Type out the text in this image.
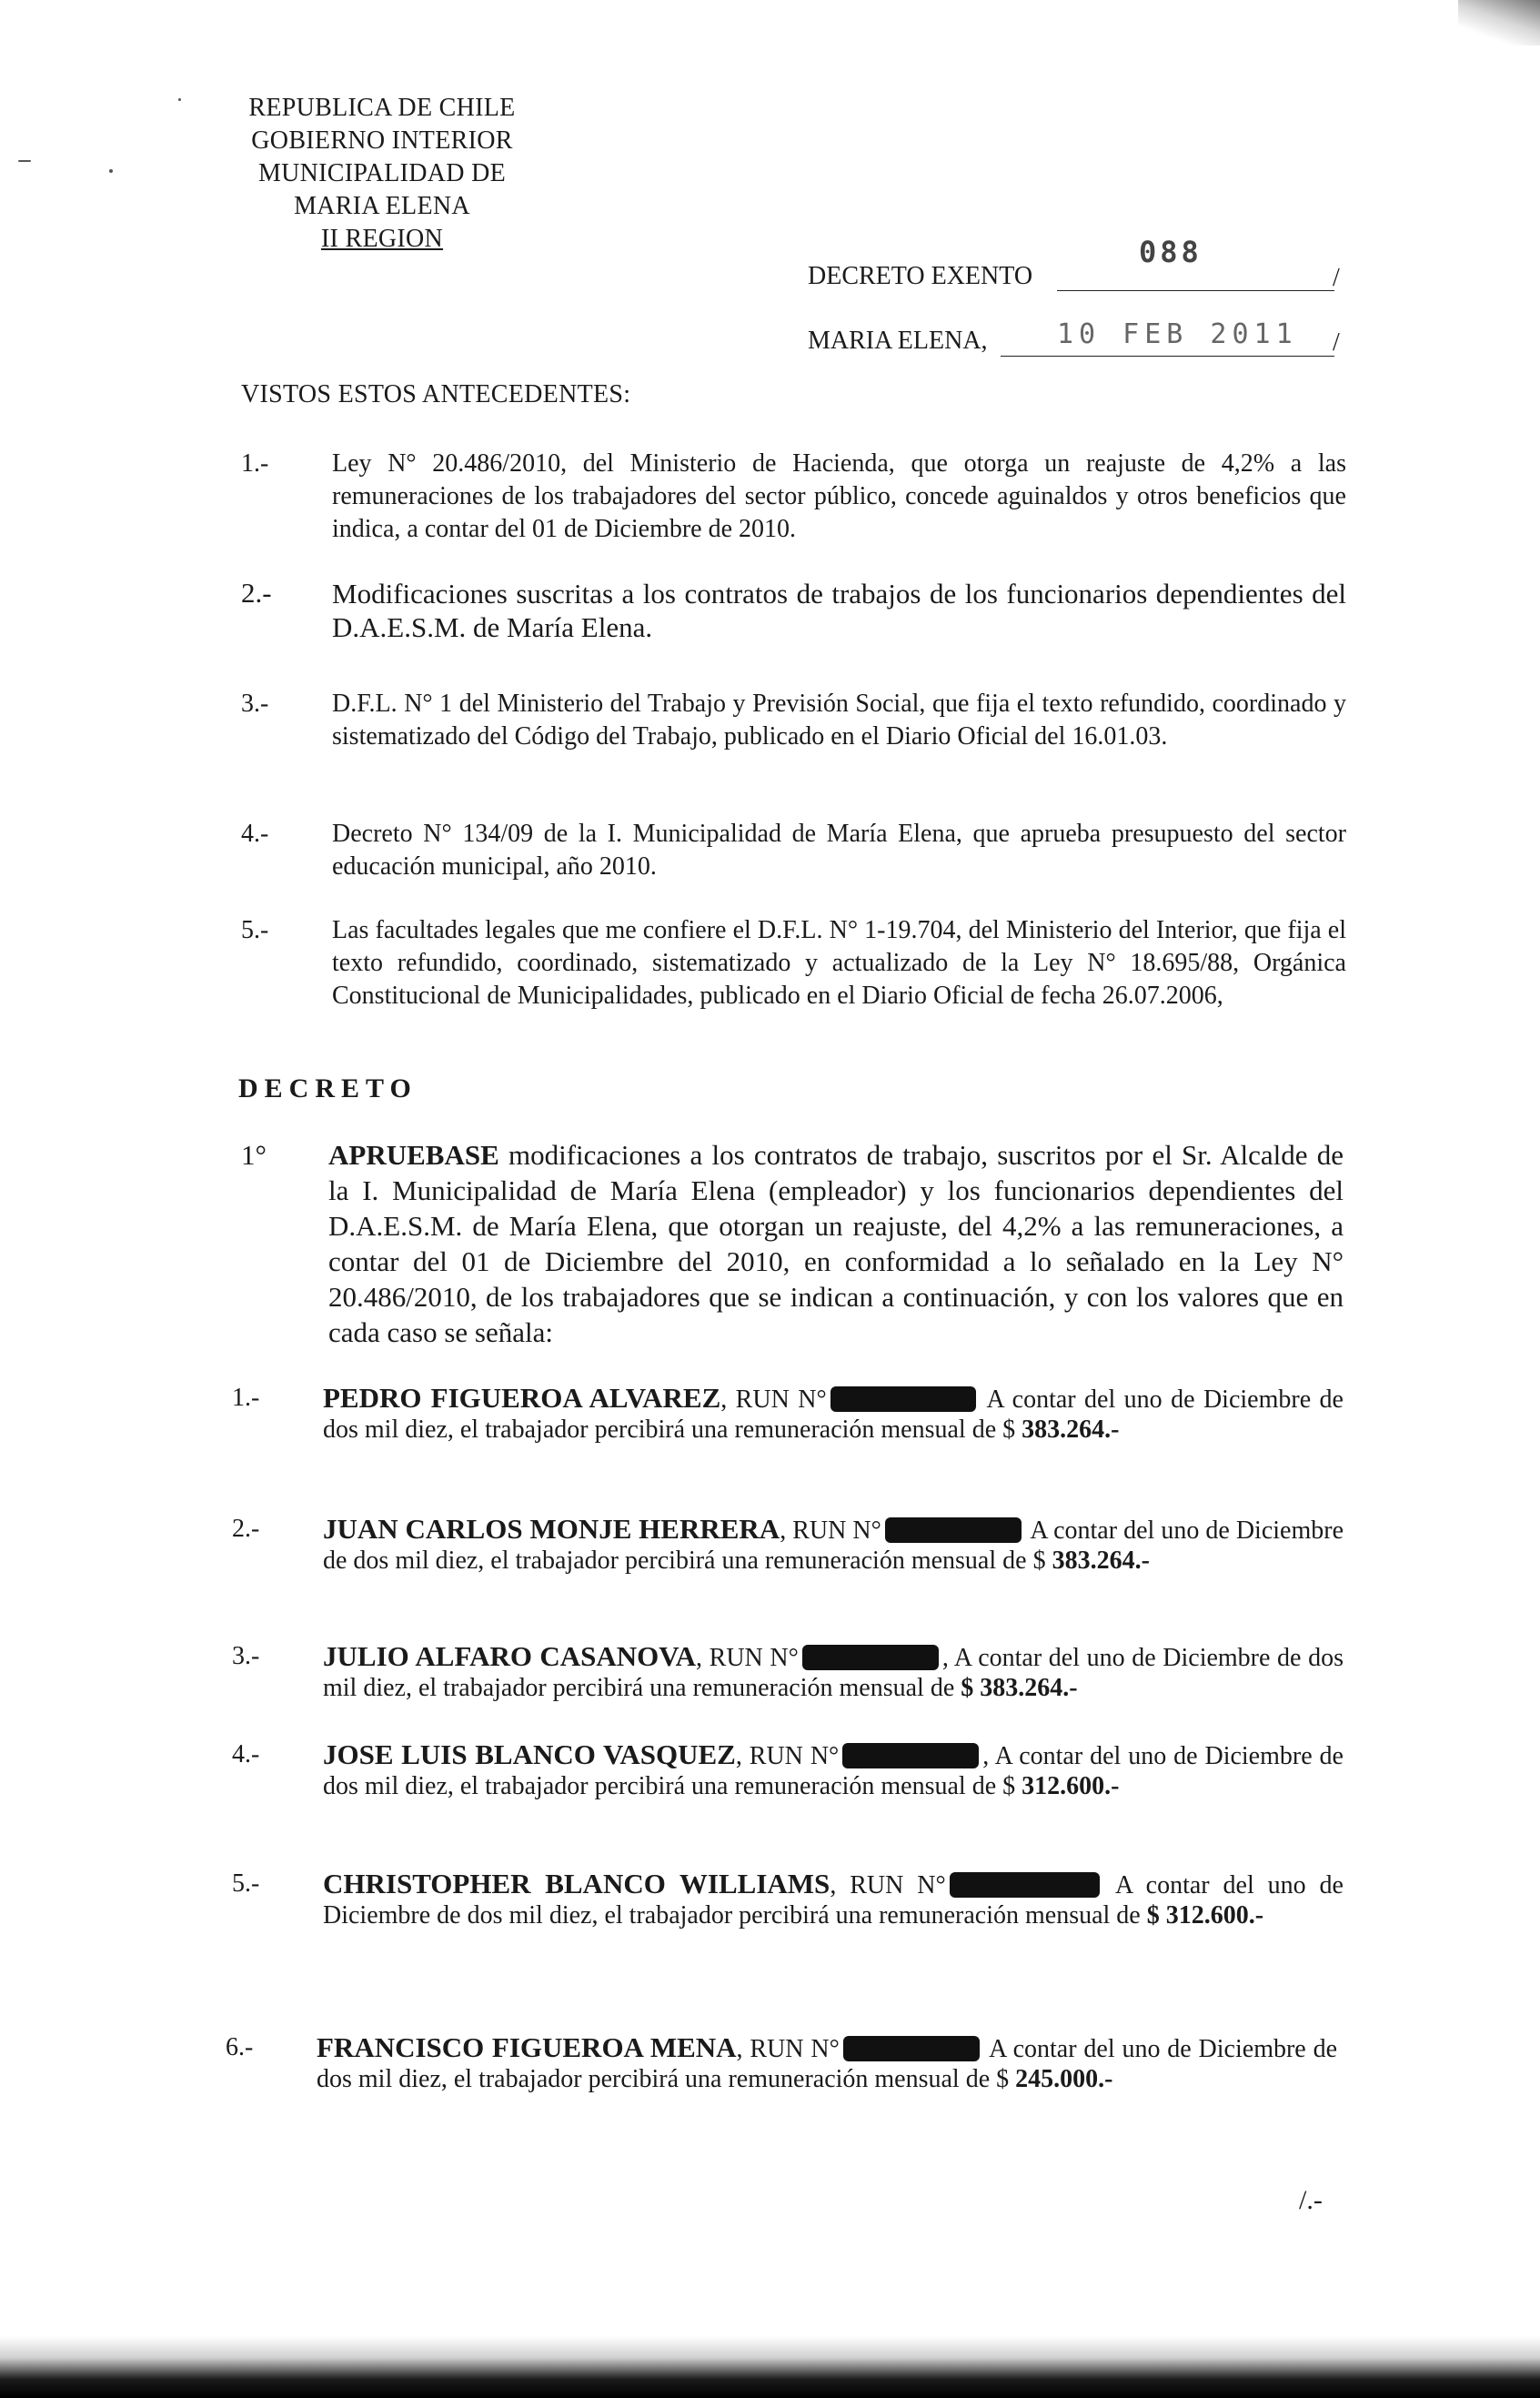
REPUBLICA DE CHILE
GOBIERNO INTERIOR
MUNICIPALIDAD DE
MARIA ELENA
II REGION
DECRETO EXENTO
088
/
MARIA ELENA,	10 FEB 2011 /
VISTOS ESTOS ANTECEDENTES:
1.- Ley N° 20.486/2010, del Ministerio de Hacienda, que otorga un reajuste de 4,2% a las remuneraciones de los trabajadores del sector público, concede aguinaldos y otros beneficios que indica, a contar del 01 de Diciembre de 2010.
2.- Modificaciones suscritas a los contratos de trabajos de los funcionarios dependientes del D.A.E.S.M. de María Elena.
3.- D.F.L. N° 1 del Ministerio del Trabajo y Previsión Social, que fija el texto refundido, coordinado y sistematizado del Código del Trabajo, publicado en el Diario Oficial del 16.01.03.
4.- Decreto N° 134/09 de la I. Municipalidad de María Elena, que aprueba presupuesto del sector educación municipal, año 2010.
5.- Las facultades legales que me confiere el D.F.L. N° 1-19.704, del Ministerio del Interior, que fija el texto refundido, coordinado, sistematizado y actualizado de la Ley N° 18.695/88, Orgánica Constitucional de Municipalidades, publicado en el Diario Oficial de fecha 26.07.2006,
DECRETO
1° APRUEBASE modificaciones a los contratos de trabajo, suscritos por el Sr. Alcalde de la I. Municipalidad de María Elena (empleador) y los funcionarios dependientes del D.A.E.S.M. de María Elena, que otorgan un reajuste, del 4,2% a las remuneraciones, a contar del 01 de Diciembre del 2010, en conformidad a lo señalado en la Ley N° 20.486/2010, de los trabajadores que se indican a continuación, y con los valores que en cada caso se señala:
1.- PEDRO FIGUEROA ALVAREZ, RUN N°	A contar del uno de Diciembre de dos mil diez, el trabajador percibirá una remuneración mensual de $ 383.264.-
2.- JUAN CARLOS MONJE HERRERA, RUN N°	A contar del uno de Diciembre de dos mil diez, el trabajador percibirá una remuneración mensual de $ 383.264.-
3.- JULIO ALFARO CASANOVA, RUN N°	, A contar del uno de Diciembre de dos mil diez, el trabajador percibirá una remuneración mensual de $ 383.264.-
4.- JOSE LUIS BLANCO VASQUEZ, RUN N°	, A contar del uno de Diciembre de dos mil diez, el trabajador percibirá una remuneración mensual de $ 312.600.-
5.- CHRISTOPHER BLANCO WILLIAMS, RUN N°	A contar del uno de Diciembre de dos mil diez, el trabajador percibirá una remuneración mensual de $ 312.600.-
6.- FRANCISCO FIGUEROA MENA, RUN N°	A contar del uno de Diciembre de dos mil diez, el trabajador percibirá una remuneración mensual de $ 245.000.-
/.-
